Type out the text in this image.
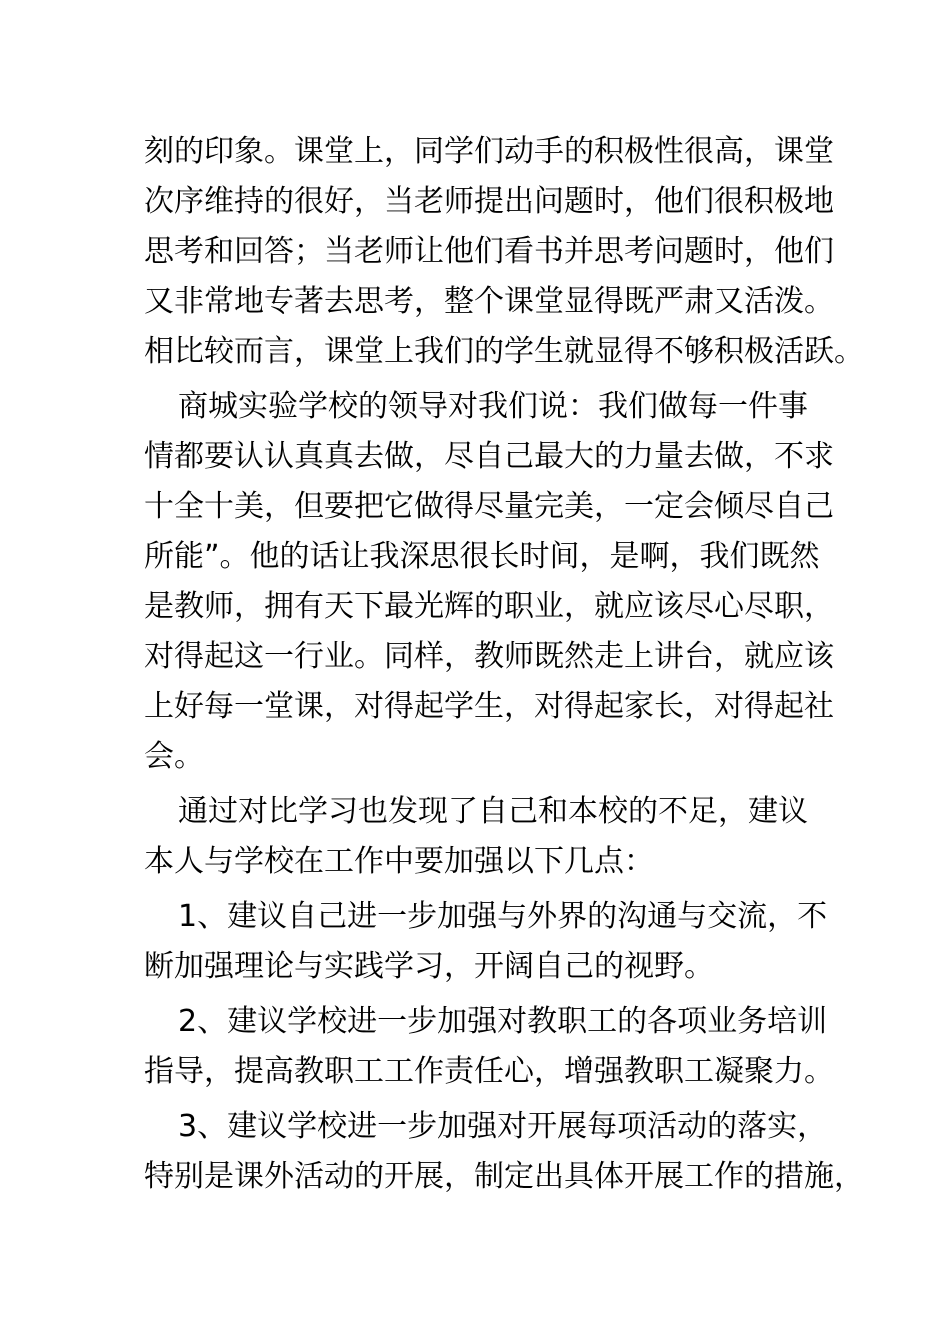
刻的印象。课堂上，同学们动手的积极性很高，课堂
次序维持的很好，当老师提出问题时，他们很积极地
思考和回答；当老师让他们看书并思考问题时，他们
又非常地专著去思考，整个课堂显得既严肃又活泼。
相比较而言，课堂上我们的学生就显得不够积极活跃。
商城实验学校的领导对我们说：我们做每一件事
情都要认认真真去做，尽自己最大的力量去做，不求
十全十美，但要把它做得尽量完美，一定会倾尽自己
所能”。他的话让我深思很长时间，是啊，我们既然
是教师，拥有天下最光辉的职业，就应该尽心尽职，
对得起这一行业。同样，教师既然走上讲台，就应该
上好每一堂课，对得起学生，对得起家长，对得起社
会。
通过对比学习也发现了自己和本校的不足，建议
本人与学校在工作中要加强以下几点：
1、建议自己进一步加强与外界的沟通与交流，不
断加强理论与实践学习，开阔自己的视野。
2、建议学校进一步加强对教职工的各项业务培训
指导，提高教职工工作责任心，增强教职工凝聚力。
3、建议学校进一步加强对开展每项活动的落实，
特别是课外活动的开展，制定出具体开展工作的措施，
